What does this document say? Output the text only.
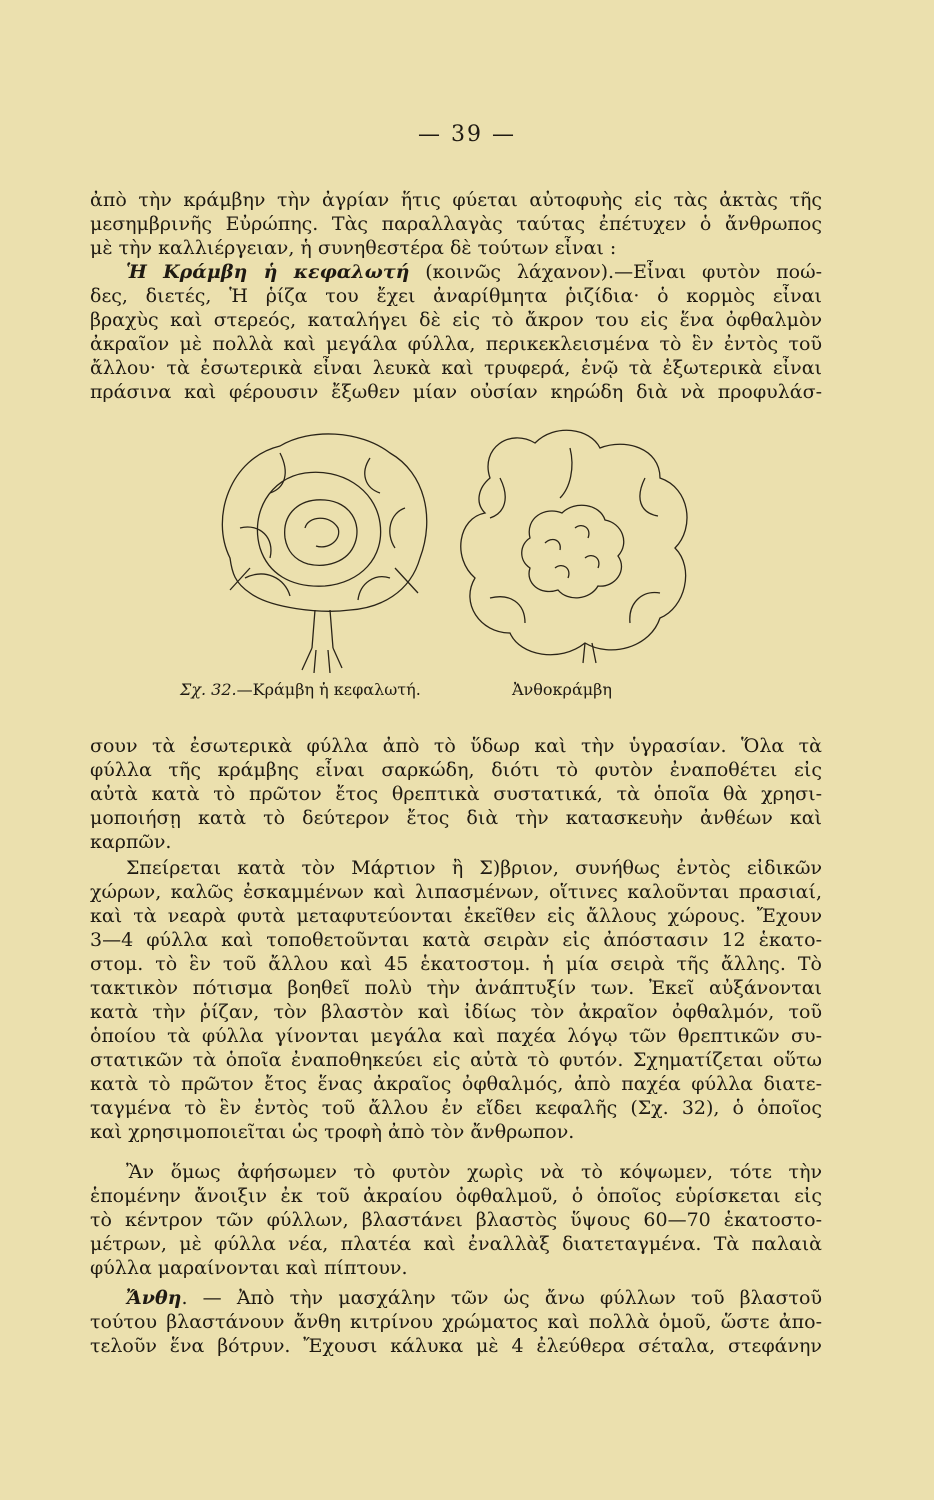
— 39 —
ἀπὸ τὴν κράμβην τὴν ἀγρίαν ἥτις φύεται αὐτοφυὴς εἰς τὰς ἀκτὰς τῆς
μεσημβρινῆς Εὐρώπης. Τὰς παραλλαγὰς ταύτας ἐπέτυχεν ὁ ἄνθρωπος
μὲ τὴν καλλιέργειαν, ἡ συνηθεστέρα δὲ τούτων εἶναι :
Ἡ Κράμβη ἡ κεφαλωτή (κοινῶς λάχανον).—Εἶναι φυτὸν ποώ-
δες, διετές, Ἡ ῥίζα του ἔχει ἀναρίθμητα ῥιζίδια· ὁ κορμὸς εἶναι
βραχὺς καὶ στερεός, καταλήγει δὲ εἰς τὸ ἄκρον του εἰς ἕνα ὀφθαλμὸν
ἀκραῖον μὲ πολλὰ καὶ μεγάλα φύλλα, περικεκλεισμένα τὸ ἓν ἐντὸς τοῦ
ἄλλου· τὰ ἐσωτερικὰ εἶναι λευκὰ καὶ τρυφερά, ἐνῷ τὰ ἐξωτερικὰ εἶναι
πράσινα καὶ φέρουσιν ἔξωθεν μίαν οὐσίαν κηρώδη διὰ νὰ προφυλάσ-
Σχ. 32.—Κράμβη ἡ κεφαλωτή.	Ἀνθοκράμβη
σουν τὰ ἐσωτερικὰ φύλλα ἀπὸ τὸ ὕδωρ καὶ τὴν ὑγρασίαν. Ὅλα τὰ
φύλλα τῆς κράμβης εἶναι σαρκώδη, διότι τὸ φυτὸν ἐναποθέτει εἰς
αὐτὰ κατὰ τὸ πρῶτον ἔτος θρεπτικὰ συστατικά, τὰ ὁποῖα θὰ χρησι-
μοποιήσῃ κατὰ τὸ δεύτερον ἔτος διὰ τὴν κατασκευὴν ἀνθέων καὶ
καρπῶν.
Σπείρεται κατὰ τὸν Μάρτιον ἢ Σ)βριον, συνήθως ἐντὸς εἰδικῶν
χώρων, καλῶς ἐσκαμμένων καὶ λιπασμένων, οἵτινες καλοῦνται πρασιαί,
καὶ τὰ νεαρὰ φυτὰ μεταφυτεύονται ἐκεῖθεν εἰς ἄλλους χώρους. Ἔχουν
3—4 φύλλα καὶ τοποθετοῦνται κατὰ σειρὰν εἰς ἀπόστασιν 12 ἑκατο-
στομ. τὸ ἓν τοῦ ἄλλου καὶ 45 ἑκατοστομ. ἡ μία σειρὰ τῆς ἄλλης. Τὸ
τακτικὸν πότισμα βοηθεῖ πολὺ τὴν ἀνάπτυξίν των. Ἐκεῖ αὐξάνονται
κατὰ τὴν ῥίζαν, τὸν βλαστὸν καὶ ἰδίως τὸν ἀκραῖον ὀφθαλμόν, τοῦ
ὁποίου τὰ φύλλα γίνονται μεγάλα καὶ παχέα λόγῳ τῶν θρεπτικῶν συ-
στατικῶν τὰ ὁποῖα ἐναποθηκεύει εἰς αὐτὰ τὸ φυτόν. Σχηματίζεται οὕτω
κατὰ τὸ πρῶτον ἔτος ἕνας ἀκραῖος ὀφθαλμός, ἀπὸ παχέα φύλλα διατε-
ταγμένα τὸ ἓν ἐντὸς τοῦ ἄλλου ἐν εἴδει κεφαλῆς (Σχ. 32), ὁ ὁποῖος
καὶ χρησιμοποιεῖται ὡς τροφὴ ἀπὸ τὸν ἄνθρωπον.
Ἂν ὅμως ἀφήσωμεν τὸ φυτὸν χωρὶς νὰ τὸ κόψωμεν, τότε τὴν
ἑπομένην ἄνοιξιν ἐκ τοῦ ἀκραίου ὀφθαλμοῦ, ὁ ὁποῖος εὑρίσκεται εἰς
τὸ κέντρον τῶν φύλλων, βλαστάνει βλαστὸς ὕψους 60—70 ἑκατοστο-
μέτρων, μὲ φύλλα νέα, πλατέα καὶ ἐναλλὰξ διατεταγμένα. Τὰ παλαιὰ
φύλλα μαραίνονται καὶ πίπτουν.
Ἄνθη. — Ἀπὸ τὴν μασχάλην τῶν ὡς ἄνω φύλλων τοῦ βλαστοῦ
τούτου βλαστάνουν ἄνθη κιτρίνου χρώματος καὶ πολλὰ ὁμοῦ, ὥστε ἀπο-
τελοῦν ἕνα βότρυν. Ἔχουσι κάλυκα μὲ 4 ἐλεύθερα σέταλα, στεφάνην
